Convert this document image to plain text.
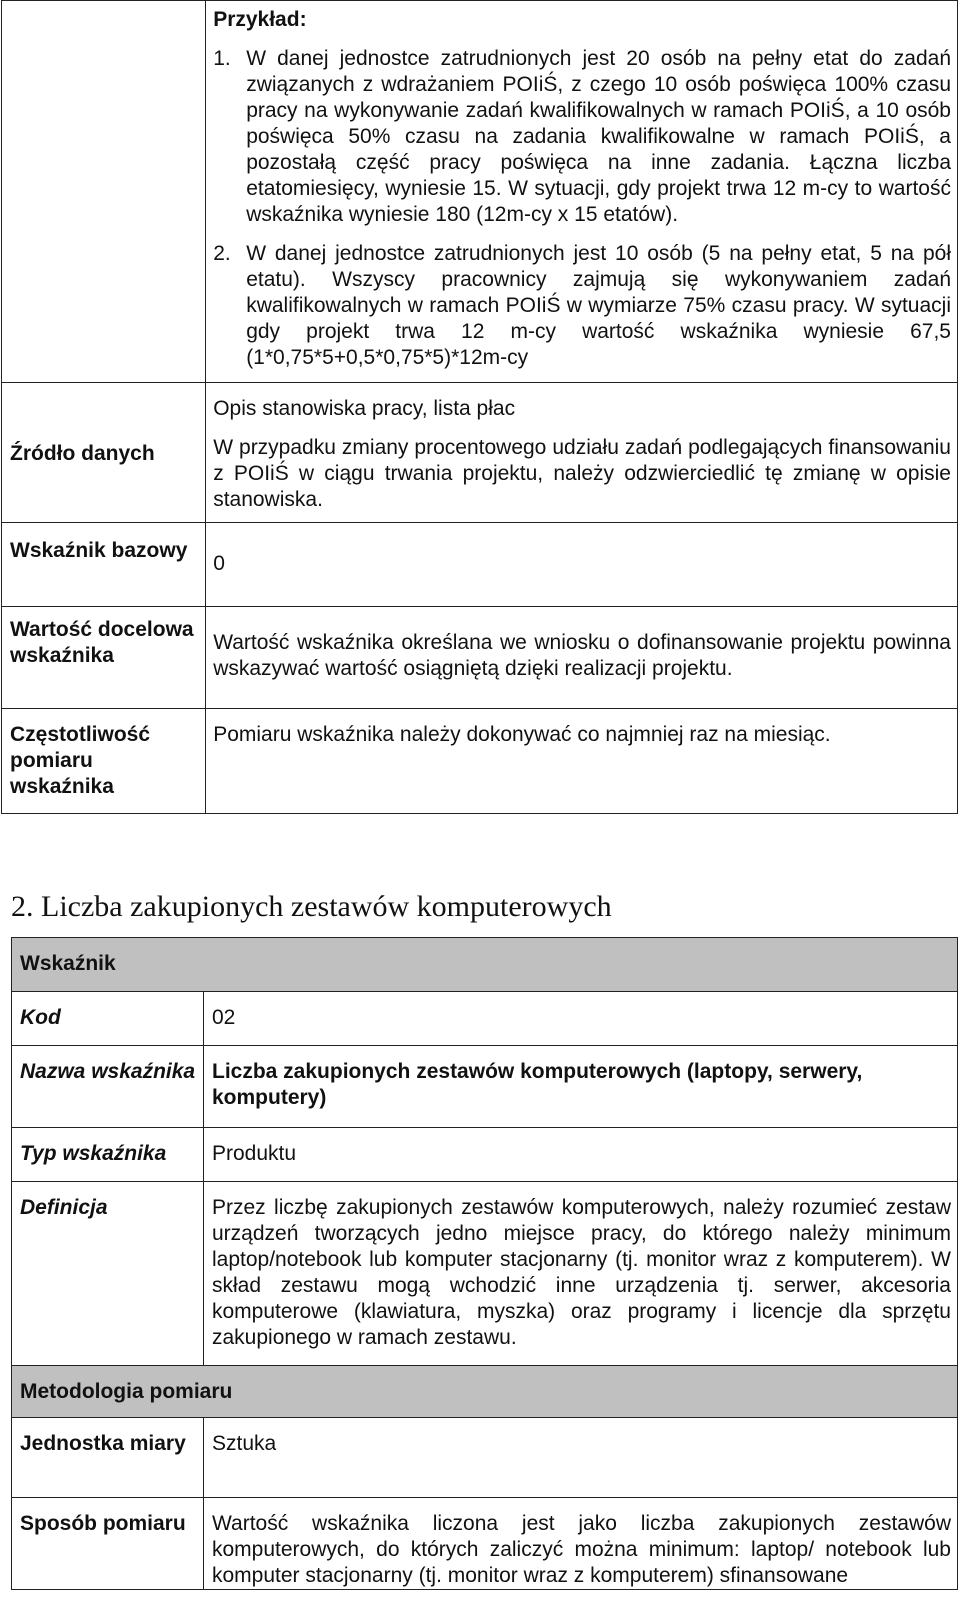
	Przykład:
1. W danej jednostce zatrudnionych jest 20 osób na pełny etat do zadań związanych z wdrażaniem POIiŚ, z czego 10 osób poświęca 100% czasu pracy na wykonywanie zadań kwalifikowalnych w ramach POIiŚ, a 10 osób poświęca 50% czasu na zadania kwalifikowalne w ramach POIiŚ, a pozostałą część pracy poświęca na inne zadania. Łączna liczba etatomiesięcy, wyniesie 15. W sytuacji, gdy projekt trwa 12 m-cy to wartość wskaźnika wyniesie 180 (12m-cy x 15 etatów).
2. W danej jednostce zatrudnionych jest 10 osób (5 na pełny etat, 5 na pół etatu). Wszyscy pracownicy zajmują się wykonywaniem zadań kwalifikowalnych w ramach POIiŚ w wymiarze 75% czasu pracy. W sytuacji gdy projekt trwa 12 m-cy wartość wskaźnika wyniesie 67,5 (1*0,75*5+0,5*0,75*5)*12m-cy

Źródło danych	Opis stanowiska pracy, lista płac
W przypadku zmiany procentowego udziału zadań podlegających finansowaniu z POIiŚ w ciągu trwania projektu, należy odzwierciedlić tę zmianę w opisie stanowiska.

Wskaźnik bazowy	0
Wartość docelowa wskaźnika	Wartość wskaźnika określana we wniosku o dofinansowanie projektu powinna wskazywać wartość osiągniętą dzięki realizacji projektu.
Częstotliwość pomiaru wskaźnika	Pomiaru wskaźnika należy dokonywać co najmniej raz na miesiąc.
2. Liczba zakupionych zestawów komputerowych
Wskaźnik	
Kod	02
Nazwa wskaźnika	Liczba zakupionych zestawów komputerowych (laptopy, serwery, komputery)
Typ wskaźnika	Produktu
Definicja	Przez liczbę zakupionych zestawów komputerowych, należy rozumieć zestaw urządzeń tworzących jedno miejsce pracy, do którego należy minimum laptop/notebook lub komputer stacjonarny (tj. monitor wraz z komputerem). W skład zestawu mogą wchodzić inne urządzenia tj. serwer, akcesoria komputerowe (klawiatura, myszka) oraz programy i licencje dla sprzętu zakupionego w ramach zestawu.
Metodologia pomiaru	
Jednostka miary	Sztuka
Sposób pomiaru	Wartość wskaźnika liczona jest jako liczba zakupionych zestawów komputerowych, do których zaliczyć można minimum: laptop/ notebook lub komputer stacjonarny (tj. monitor wraz z komputerem) sfinansowane
